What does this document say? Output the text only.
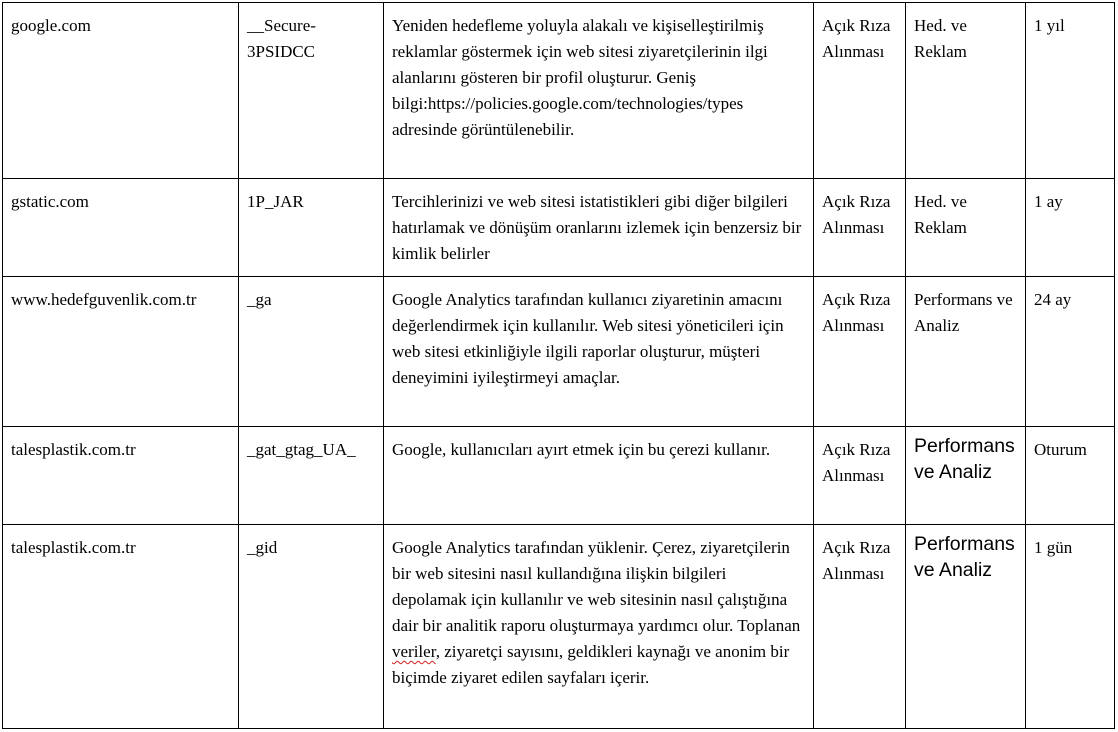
google.com	__Secure-3PSIDCC	Yeniden hedefleme yoluyla alakalı ve kişiselleştirilmiş reklamlar göstermek için web sitesi ziyaretçilerinin ilgi alanlarını gösteren bir profil oluşturur. Geniş bilgi:https://policies.google.com/technologies/types adresinde görüntülenebilir.	Açık Rıza Alınması	Hed. ve Reklam	1 yıl
gstatic.com	1P_JAR	Tercihlerinizi ve web sitesi istatistikleri gibi diğer bilgileri hatırlamak ve dönüşüm oranlarını izlemek için benzersiz bir kimlik belirler	Açık Rıza Alınması	Hed. ve Reklam	1 ay
www.hedefguvenlik.com.tr	_ga	Google Analytics tarafından kullanıcı ziyaretinin amacını değerlendirmek için kullanılır. Web sitesi yöneticileri için web sitesi etkinliğiyle ilgili raporlar oluşturur, müşteri deneyimini iyileştirmeyi amaçlar.	Açık Rıza Alınması	Performans ve Analiz	24 ay
talesplastik.com.tr	_gat_gtag_UA_	Google, kullanıcıları ayırt etmek için bu çerezi kullanır.	Açık Rıza Alınması	Performans ve Analiz	Oturum
talesplastik.com.tr	_gid	Google Analytics tarafından yüklenir. Çerez, ziyaretçilerin bir web sitesini nasıl kullandığına ilişkin bilgileri depolamak için kullanılır ve web sitesinin nasıl çalıştığına dair bir analitik raporu oluşturmaya yardımcı olur. Toplanan veriler, ziyaretçi sayısını, geldikleri kaynağı ve anonim bir biçimde ziyaret edilen sayfaları içerir.	Açık Rıza Alınması	Performans ve Analiz	1 gün
